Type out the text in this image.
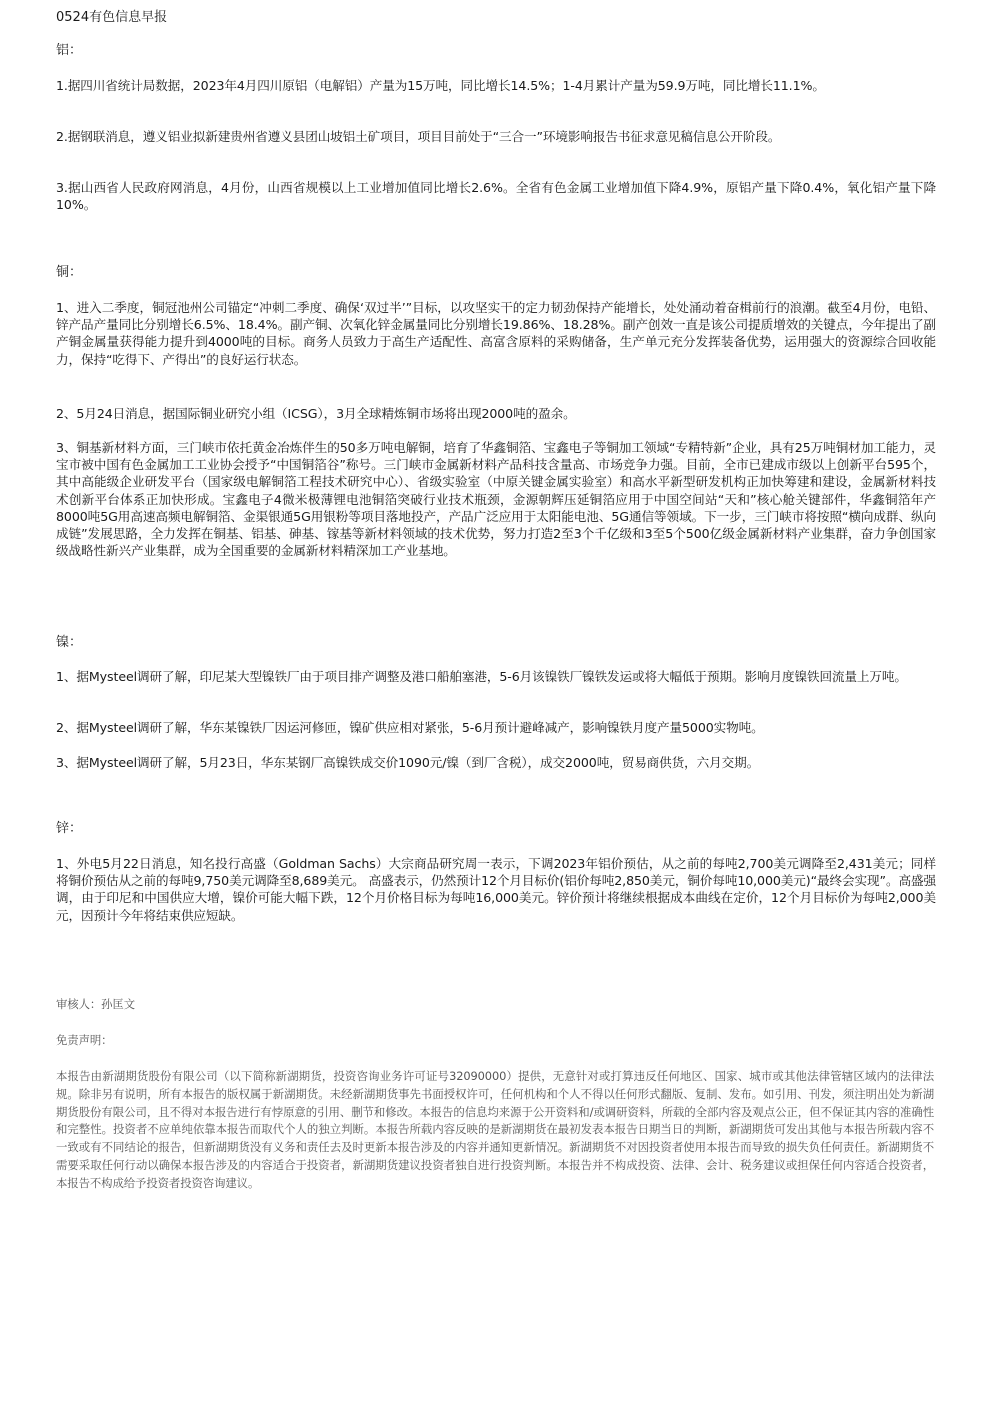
0524有色信息早报

铝：

1.据四川省统计局数据，2023年4月四川原铝（电解铝）产量为15万吨，同比增长14.5%；1-4月累计产量为59.9万吨，同比增长11.1%。

2.据钢联消息，遵义铝业拟新建贵州省遵义县团山坡铝土矿项目，项目目前处于“三合一”环境影响报告书征求意见稿信息公开阶段。

3.据山西省人民政府网消息，4月份，山西省规模以上工业增加值同比增长2.6%。全省有色金属工业增加值下降4.9%，原铝产量下降0.4%，氧化铝产量下降10%。

铜：

1、进入二季度，铜冠池州公司锚定“冲刺二季度、确保‘双过半’”目标，以攻坚实干的定力韧劲保持产能增长，处处涌动着奋楫前行的浪潮。截至4月份，电铅、锌产品产量同比分别增长6.5%、18.4%。副产铜、次氧化锌金属量同比分别增长19.86%、18.28%。副产创效一直是该公司提质增效的关键点，今年提出了副产铜金属量获得能力提升到4000吨的目标。商务人员致力于高生产适配性、高富含原料的采购储备，生产单元充分发挥装备优势，运用强大的资源综合回收能力，保持“吃得下、产得出”的良好运行状态。

2、5月24日消息，据国际铜业研究小组（ICSG），3月全球精炼铜市场将出现2000吨的盈余。

3、铜基新材料方面，三门峡市依托黄金冶炼伴生的50多万吨电解铜，培育了华鑫铜箔、宝鑫电子等铜加工领域“专精特新”企业，具有25万吨铜材加工能力，灵宝市被中国有色金属加工工业协会授予“中国铜箔谷”称号。三门峡市金属新材料产品科技含量高、市场竞争力强。目前，全市已建成市级以上创新平台595个，其中高能级企业研发平台（国家级电解铜箔工程技术研究中心）、省级实验室（中原关键金属实验室）和高水平新型研发机构正加快筹建和建设，金属新材料技术创新平台体系正加快形成。宝鑫电子4微米极薄锂电池铜箔突破行业技术瓶颈，金源朝辉压延铜箔应用于中国空间站“天和”核心舱关键部件，华鑫铜箔年产8000吨5G用高速高频电解铜箔、金渠银通5G用银粉等项目落地投产，产品广泛应用于太阳能电池、5G通信等领域。下一步，三门峡市将按照“横向成群、纵向成链”发展思路，全力发挥在铜基、铝基、砷基、镓基等新材料领域的技术优势，努力打造2至3个千亿级和3至5个500亿级金属新材料产业集群，奋力争创国家级战略性新兴产业集群，成为全国重要的金属新材料精深加工产业基地。

镍：

1、据Mysteel调研了解，印尼某大型镍铁厂由于项目排产调整及港口船舶塞港，5-6月该镍铁厂镍铁发运或将大幅低于预期。影响月度镍铁回流量上万吨。

2、据Mysteel调研了解，华东某镍铁厂因运河修匝，镍矿供应相对紧张，5-6月预计避峰减产，影响镍铁月度产量5000实物吨。

3、据Mysteel调研了解，5月23日，华东某钢厂高镍铁成交价1090元/镍（到厂含税），成交2000吨，贸易商供货，六月交期。

锌：

1、外电5月22日消息，知名投行高盛（Goldman Sachs）大宗商品研究周一表示，下调2023年铝价预估，从之前的每吨2,700美元调降至2,431美元；同样将铜价预估从之前的每吨9,750美元调降至8,689美元。 高盛表示，仍然预计12个月目标价(铝价每吨2,850美元，铜价每吨10,000美元)“最终会实现”。高盛强调，由于印尼和中国供应大增，镍价可能大幅下跌，12个月价格目标为每吨16,000美元。锌价预计将继续根据成本曲线在定价，12个月目标价为每吨2,000美元，因预计今年将结束供应短缺。

审核人：孙匡文

免责声明：

本报告由新湖期货股份有限公司（以下简称新湖期货，投资咨询业务许可证号32090000）提供，无意针对或打算违反任何地区、国家、城市或其他法律管辖区域内的法律法规。除非另有说明，所有本报告的版权属于新湖期货。未经新湖期货事先书面授权许可，任何机构和个人不得以任何形式翻版、复制、发布。如引用、刊发，须注明出处为新湖期货股份有限公司，且不得对本报告进行有悖原意的引用、删节和修改。本报告的信息均来源于公开资料和/或调研资料，所载的全部内容及观点公正，但不保证其内容的准确性和完整性。投资者不应单纯依靠本报告而取代个人的独立判断。本报告所载内容反映的是新湖期货在最初发表本报告日期当日的判断，新湖期货可发出其他与本报告所载内容不一致或有不同结论的报告，但新湖期货没有义务和责任去及时更新本报告涉及的内容并通知更新情况。新湖期货不对因投资者使用本报告而导致的损失负任何责任。新湖期货不需要采取任何行动以确保本报告涉及的内容适合于投资者，新湖期货建议投资者独自进行投资判断。本报告并不构成投资、法律、会计、税务建议或担保任何内容适合投资者，本报告不构成给予投资者投资咨询建议。
